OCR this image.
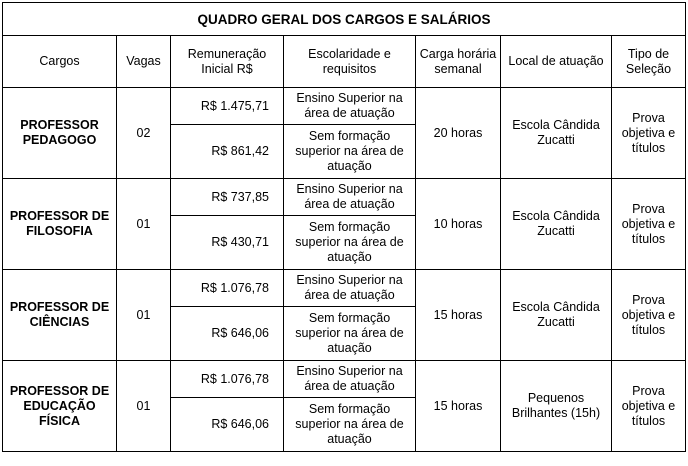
QUADRO GERAL DOS CARGOS E SALÁRIOS						
Cargos	Vagas	Remuneração Inicial R$	Escolaridade e requisitos	Carga horária semanal	Local de atuação	Tipo de Seleção
PROFESSOR PEDAGOGO	02	R$ 1.475,71	Ensino Superior na área de atuação	20 horas	Escola Cândida Zucatti	Prova objetiva e títulos
		R$ 861,42	Sem formação superior na área de atuação			
PROFESSOR DE FILOSOFIA	01	R$ 737,85	Ensino Superior na área de atuação	10 horas	Escola Cândida Zucatti	Prova objetiva e títulos
		R$ 430,71	Sem formação superior na área de atuação			
PROFESSOR DE CIÊNCIAS	01	R$ 1.076,78	Ensino Superior na área de atuação	15 horas	Escola Cândida Zucatti	Prova objetiva e títulos
		R$ 646,06	Sem formação superior na área de atuação			
PROFESSOR DE EDUCAÇÃO FÍSICA	01	R$ 1.076,78	Ensino Superior na área de atuação	15 horas	Pequenos Brilhantes (15h)	Prova objetiva e títulos
		R$ 646,06	Sem formação superior na área de atuação			
